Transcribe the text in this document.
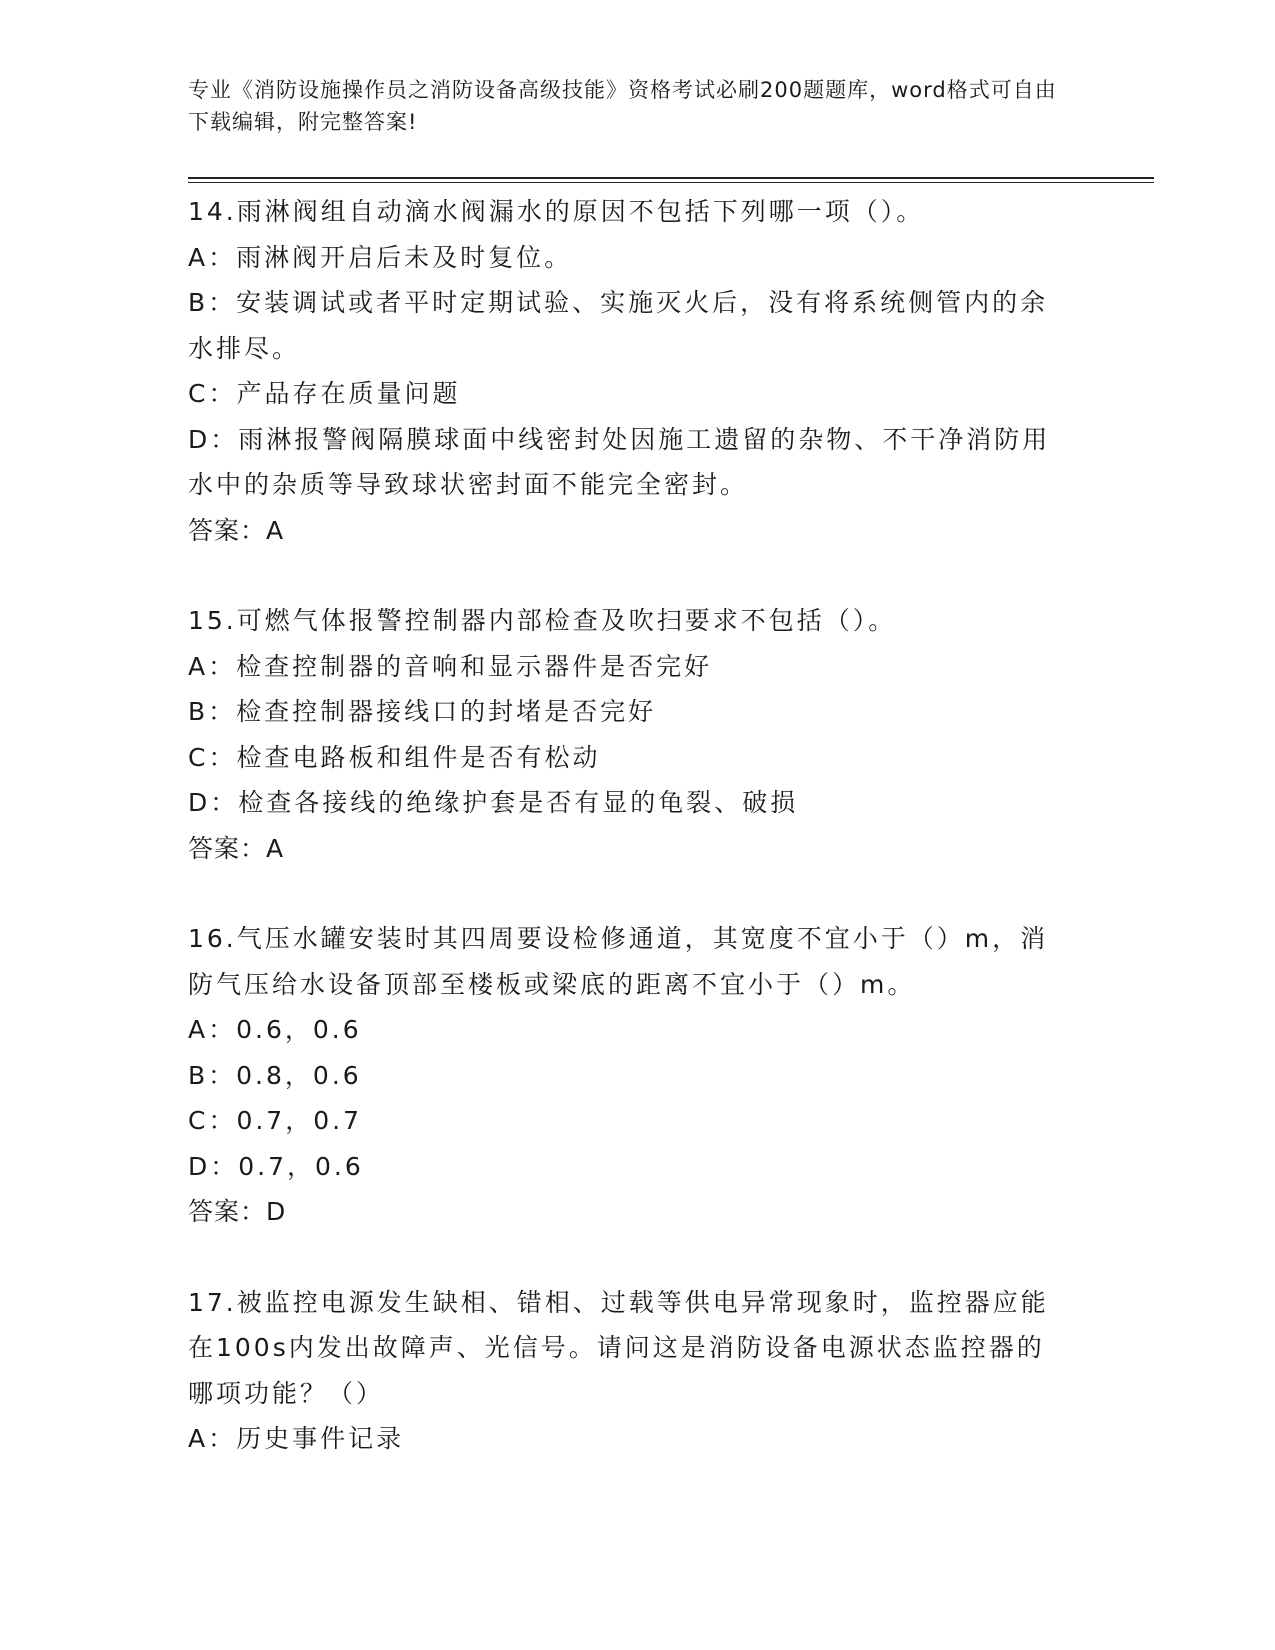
专业《消防设施操作员之消防设备高级技能》资格考试必刷200题题库，word格式可自由下载编辑，附完整答案!
14.雨淋阀组自动滴水阀漏水的原因不包括下列哪一项（）。
A：雨淋阀开启后未及时复位。
B：安装调试或者平时定期试验、实施灭火后，没有将系统侧管内的余水排尽。
C：产品存在质量问题
D：雨淋报警阀隔膜球面中线密封处因施工遗留的杂物、不干净消防用水中的杂质等导致球状密封面不能完全密封。
答案：A
15.可燃气体报警控制器内部检查及吹扫要求不包括（）。
A：检查控制器的音响和显示器件是否完好
B：检查控制器接线口的封堵是否完好
C：检查电路板和组件是否有松动
D：检查各接线的绝缘护套是否有显的龟裂、破损
答案：A
16.气压水罐安装时其四周要设检修通道，其宽度不宜小于（）m，消防气压给水设备顶部至楼板或梁底的距离不宜小于（）m。
A：0.6，0.6
B：0.8，0.6
C：0.7，0.7
D：0.7，0.6
答案：D
17.被监控电源发生缺相、错相、过载等供电异常现象时，监控器应能在100s内发出故障声、光信号。请问这是消防设备电源状态监控器的哪项功能？（）
A：历史事件记录
